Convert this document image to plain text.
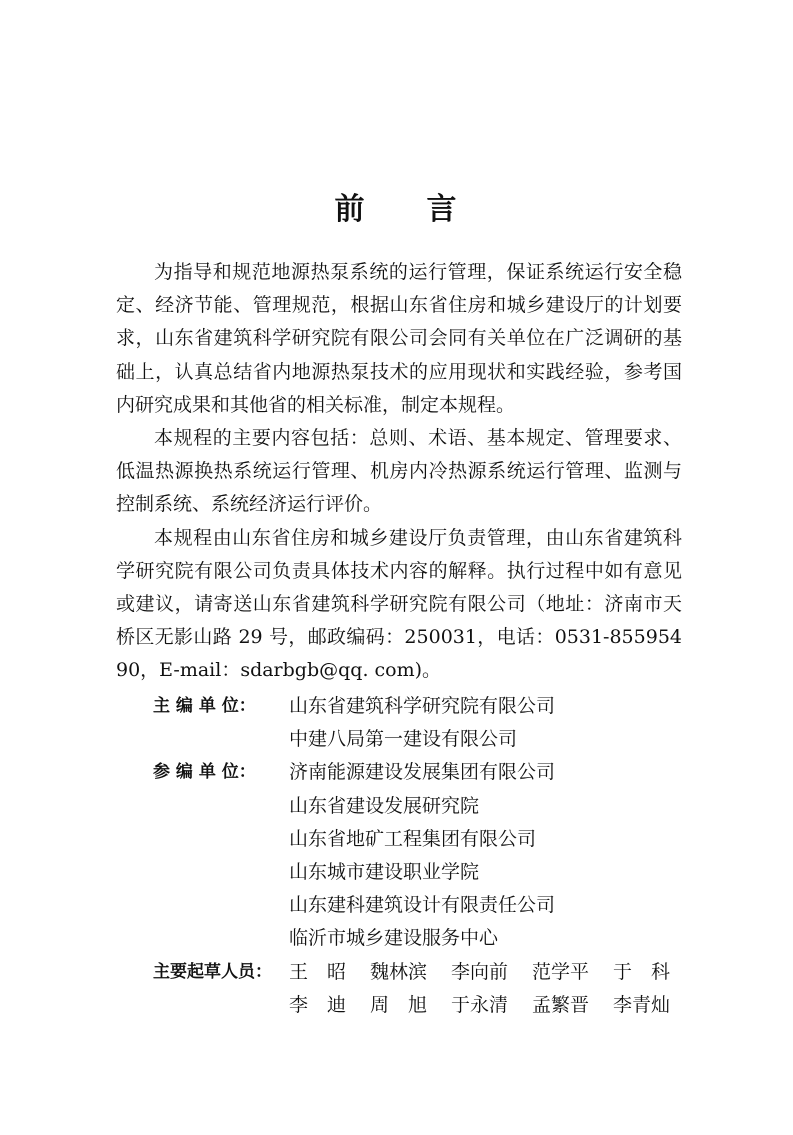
前 言

为指导和规范地源热泵系统的运行管理，保证系统运行安全稳定、经济节能、管理规范，根据山东省住房和城乡建设厅的计划要求，山东省建筑科学研究院有限公司会同有关单位在广泛调研的基础上，认真总结省内地源热泵技术的应用现状和实践经验，参考国内研究成果和其他省的相关标准，制定本规程。

本规程的主要内容包括：总则、术语、基本规定、管理要求、低温热源换热系统运行管理、机房内冷热源系统运行管理、监测与控制系统、系统经济运行评价。

本规程由山东省住房和城乡建设厅负责管理，由山东省建筑科学研究院有限公司负责具体技术内容的解释。执行过程中如有意见或建议，请寄送山东省建筑科学研究院有限公司（地址：济南市天桥区无影山路 29 号，邮政编码：250031，电话：0531-85595490，E-mail：sdarbgb@qq. com)。

主 编 单 位：	山东省建筑科学研究院有限公司
中建八局第一建设有限公司
参 编 单 位：	济南能源建设发展集团有限公司
山东省建设发展研究院
山东省地矿工程集团有限公司
山东城市建设职业学院
山东建科建筑设计有限责任公司
临沂市城乡建设服务中心
主要起草人员： 王　昭	魏林滨	李向前	范学平	于　科
李　迪	周　旭	于永清	孟繁晋	李青灿
